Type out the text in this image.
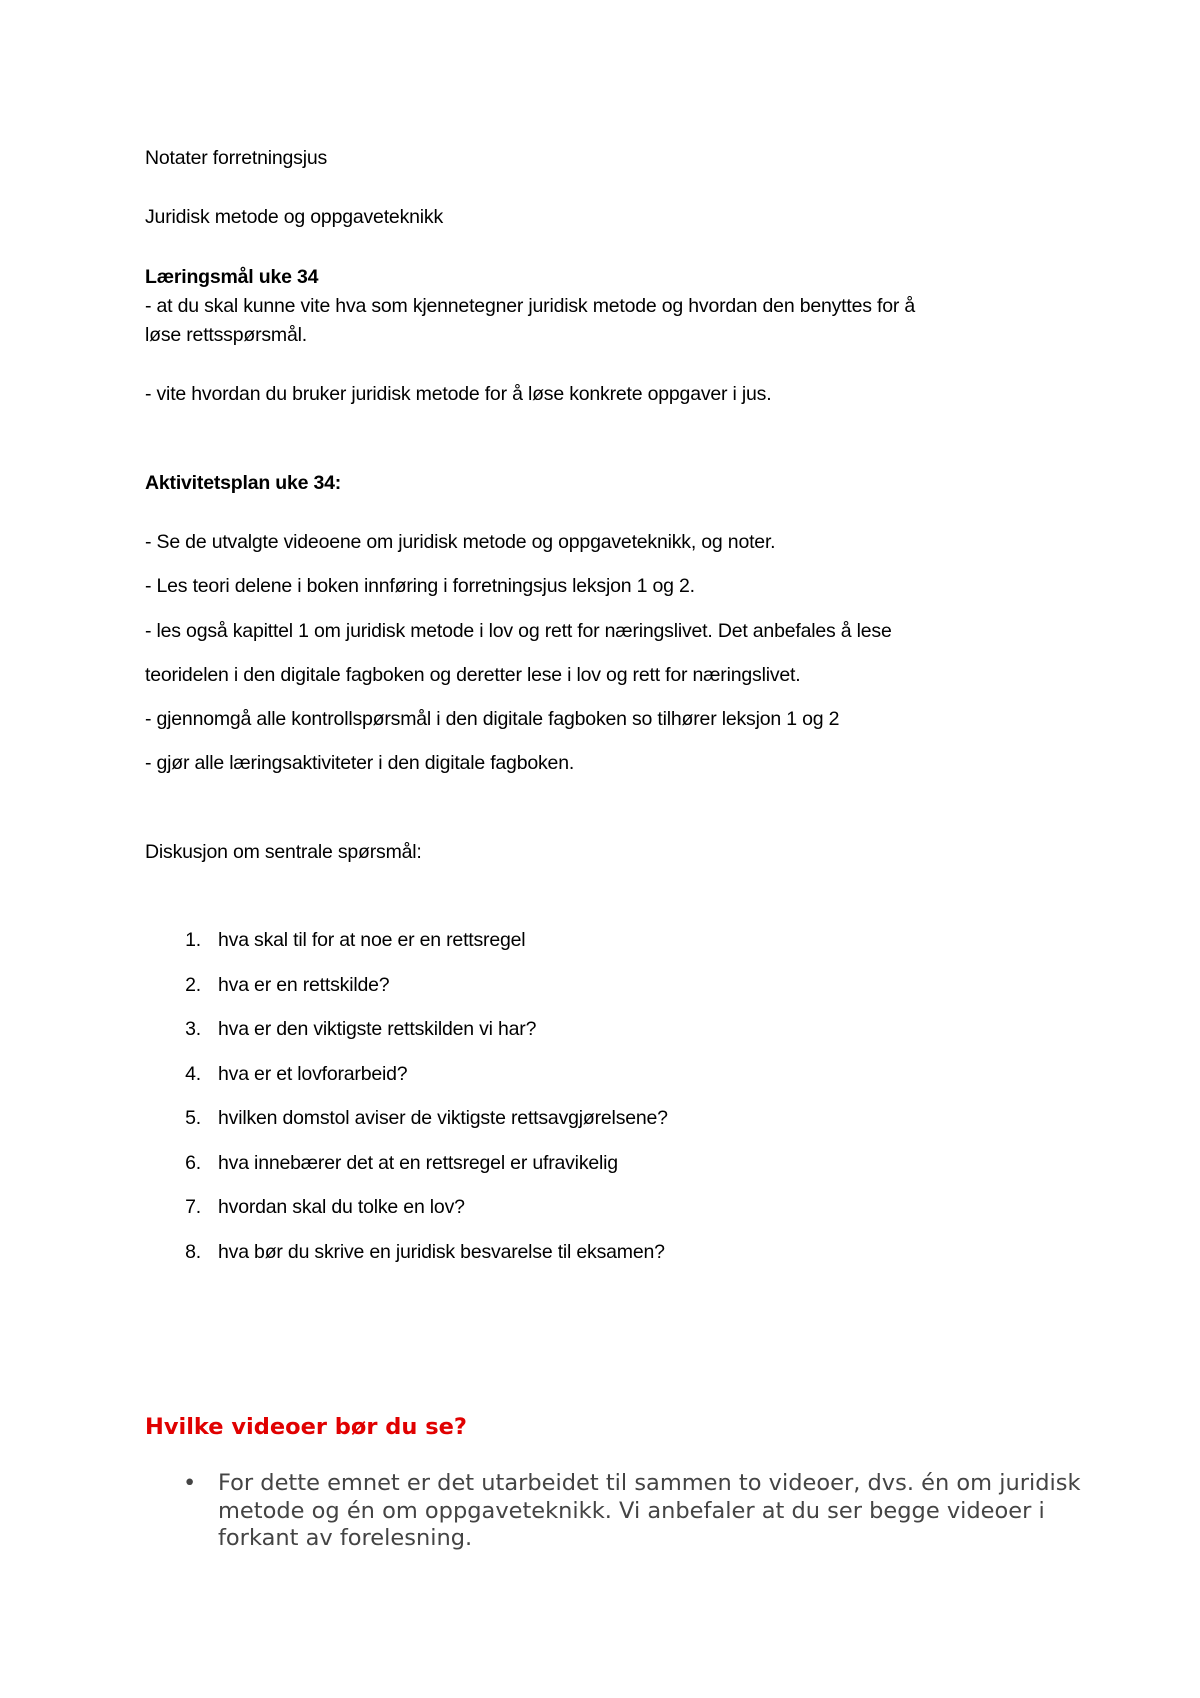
Notater forretningsjus
Juridisk metode og oppgaveteknikk
Læringsmål uke 34
- at du skal kunne vite hva som kjennetegner juridisk metode og hvordan den benyttes for å
løse rettsspørsmål.
- vite hvordan du bruker juridisk metode for å løse konkrete oppgaver i jus.
Aktivitetsplan uke 34:
- Se de utvalgte videoene om juridisk metode og oppgaveteknikk, og noter.
- Les teori delene i boken innføring i forretningsjus leksjon 1 og 2.
- les også kapittel 1 om juridisk metode i lov og rett for næringslivet. Det anbefales å lese
teoridelen i den digitale fagboken og deretter lese i lov og rett for næringslivet.
- gjennomgå alle kontrollspørsmål i den digitale fagboken so tilhører leksjon 1 og 2
- gjør alle læringsaktiviteter i den digitale fagboken.
Diskusjon om sentrale spørsmål:
1. hva skal til for at noe er en rettsregel
2. hva er en rettskilde?
3. hva er den viktigste rettskilden vi har?
4. hva er et lovforarbeid?
5. hvilken domstol aviser de viktigste rettsavgjørelsene?
6. hva innebærer det at en rettsregel er ufravikelig
7. hvordan skal du tolke en lov?
8. hva bør du skrive en juridisk besvarelse til eksamen?
Hvilke videoer bør du se?
• For dette emnet er det utarbeidet til sammen to videoer, dvs. én om juridisk metode og én om oppgaveteknikk. Vi anbefaler at du ser begge videoer i forkant av forelesning.
